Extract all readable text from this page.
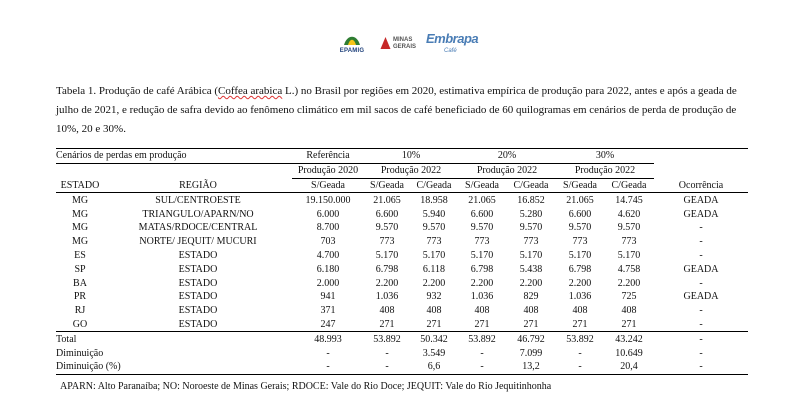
EPAMIG
MINAS
GERAIS
Embrapa
Café
Tabela 1. Produção de café Arábica (Coffea arabica L.) no Brasil por regiões em 2020, estimativa empírica de produção para 2022, antes e após a geada de julho de 2021, e redução de safra devido ao fenômeno climático em mil sacos de café beneficiado de 60 quilogramas em cenários de perda de produção de 10%, 20 e 30%.
Cenários de perdas em produção		Referência	10%		20%		30%		
		Produção 2020	Produção 2022		Produção 2022		Produção 2022		
ESTADO	REGIÃO	S/Geada	S/Geada	C/Geada	S/Geada	C/Geada	S/Geada	C/Geada	Ocorrência
MG	SUL/CENTROESTE	19.150.000	21.065	18.958	21.065	16.852	21.065	14.745	GEADA
MG	TRIANGULO/APARN/NO	6.000	6.600	5.940	6.600	5.280	6.600	4.620	GEADA
MG	MATAS/RDOCE/CENTRAL	8.700	9.570	9.570	9.570	9.570	9.570	9.570	-
MG	NORTE/ JEQUIT/ MUCURI	703	773	773	773	773	773	773	-
ES	ESTADO	4.700	5.170	5.170	5.170	5.170	5.170	5.170	-
SP	ESTADO	6.180	6.798	6.118	6.798	5.438	6.798	4.758	GEADA
BA	ESTADO	2.000	2.200	2.200	2.200	2.200	2.200	2.200	-
PR	ESTADO	941	1.036	932	1.036	829	1.036	725	GEADA
RJ	ESTADO	371	408	408	408	408	408	408	-
GO	ESTADO	247	271	271	271	271	271	271	-
Total		48.993	53.892	50.342	53.892	46.792	53.892	43.242	-
Diminuição		-	-	3.549	-	7.099	-	10.649	-
Diminuição (%)		-	-	6,6	-	13,2	-	20,4	-
APARN: Alto Paranaíba; NO: Noroeste de Minas Gerais; RDOCE: Vale do Rio Doce; JEQUIT: Vale do Rio Jequitinhonha
